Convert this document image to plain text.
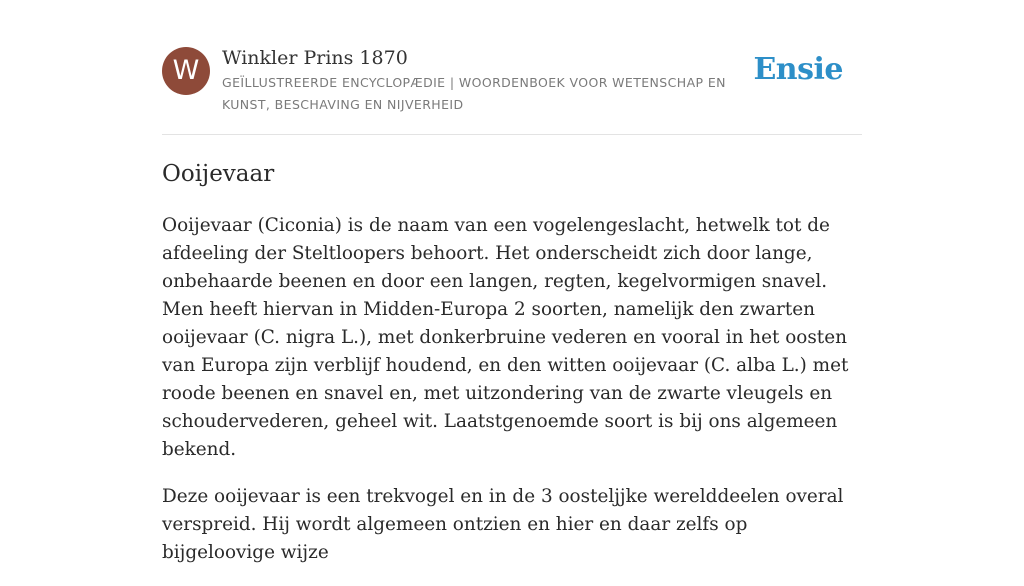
W	Winkler Prins 1870
GEÏLLUSTREERDE ENCYCLOPÆDIE | WOORDENBOEK VOOR WETENSCHAP EN KUNST, BESCHAVING EN NIJVERHEID
Ensie
Ooijevaar

Ooijevaar (Ciconia) is de naam van een vogelengeslacht, hetwelk tot de afdeeling der Steltloopers behoort. Het onderscheidt zich door lange, onbehaarde beenen en door een langen, regten, kegelvormigen snavel. Men heeft hiervan in Midden-Europa 2 soorten, namelijk den zwarten ooijevaar (C. nigra L.), met donkerbruine vederen en vooral in het oosten van Europa zijn verblijf houdend, en den witten ooijevaar (C. alba L.) met roode beenen en snavel en, met uitzondering van de zwarte vleugels en schoudervederen, geheel wit. Laatstgenoemde soort is bij ons algemeen bekend.

Deze ooijevaar is een trekvogel en in de 3 oosteljjke werelddeelen overal verspreid. Hij wordt algemeen ontzien en hier en daar zelfs op bijgeloovige wijze
